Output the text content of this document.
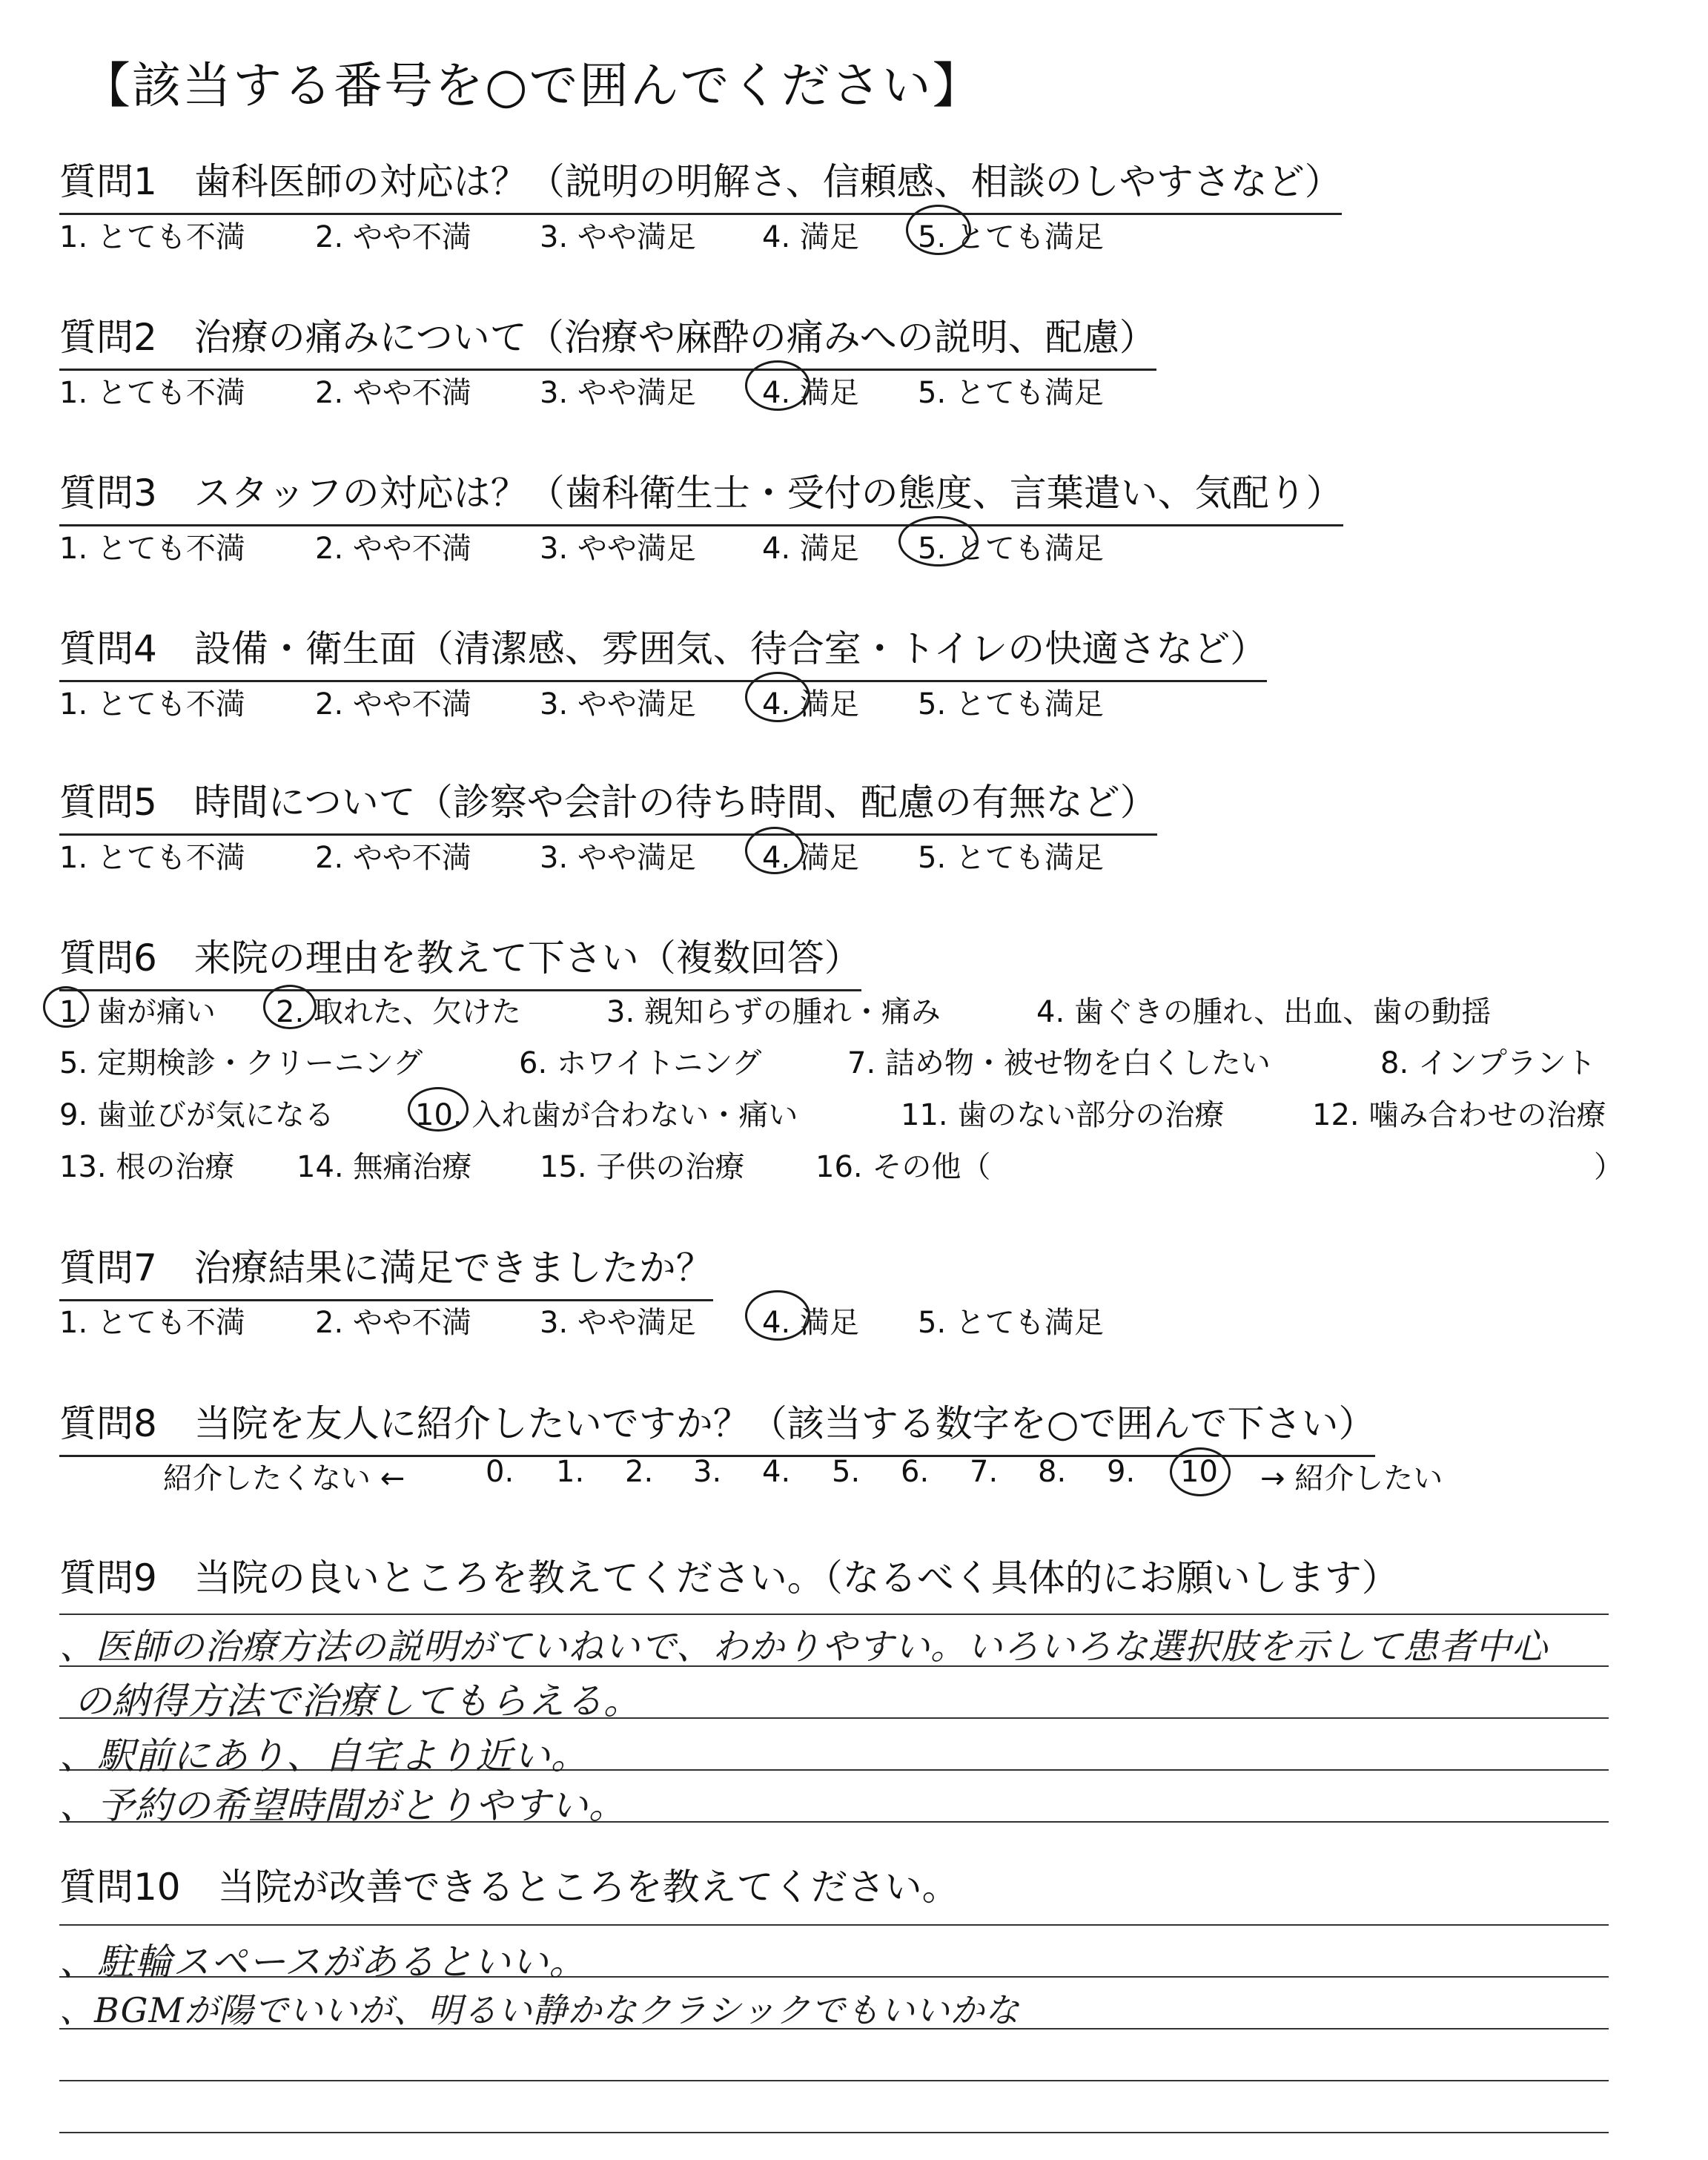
【該当する番号を○で囲んでください】
質問1　歯科医師の対応は？（説明の明解さ、信頼感、相談のしやすさなど）
1. とても不満 2. やや不満 3. やや満足 4. 満足 5. とても満足
質問2　治療の痛みについて（治療や麻酔の痛みへの説明、配慮）
1. とても不満 2. やや不満 3. やや満足 4. 満足 5. とても満足
質問3　スタッフの対応は？（歯科衛生士・受付の態度、言葉遣い、気配り）
1. とても不満 2. やや不満 3. やや満足 4. 満足 5. とても満足
質問4　設備・衛生面（清潔感、雰囲気、待合室・トイレの快適さなど）
1. とても不満 2. やや不満 3. やや満足 4. 満足 5. とても満足
質問5　時間について（診察や会計の待ち時間、配慮の有無など）
1. とても不満 2. やや不満 3. やや満足 4. 満足 5. とても満足
質問6　来院の理由を教えて下さい（複数回答）
1. 歯が痛い 2. 取れた、欠けた	3. 親知らずの腫れ・痛み	4. 歯ぐきの腫れ、出血、歯の動揺
5. 定期検診・クリーニング	6. ホワイトニング	7. 詰め物・被せ物を白くしたい	8. インプラント
9. 歯並びが気になる	10. 入れ歯が合わない・痛い	11. 歯のない部分の治療	12. 噛み合わせの治療
13. 根の治療 14. 無痛治療 15. 子供の治療 16. その他（	）
質問7　治療結果に満足できましたか？
1. とても不満 2. やや不満 3. やや満足 4. 満足 5. とても満足
質問8　当院を友人に紹介したいですか？（該当する数字を○で囲んで下さい）
紹介したくない ←	0. 1. 2. 3. 4. 5. 6. 7. 8. 9. 10 → 紹介したい
質問9　当院の良いところを教えてください。（なるべく具体的にお願いします）
、医師の治療方法の説明がていねいで、わかりやすい。いろいろな選択肢を示して患者中心
の納得方法で治療してもらえる。
、駅前にあり、自宅より近い。
、予約の希望時間がとりやすい。
質問10　当院が改善できるところを教えてください。
、駐輪スペースがあるといい。
、BGMが陽でいいが、明るい静かなクラシックでもいいかな
